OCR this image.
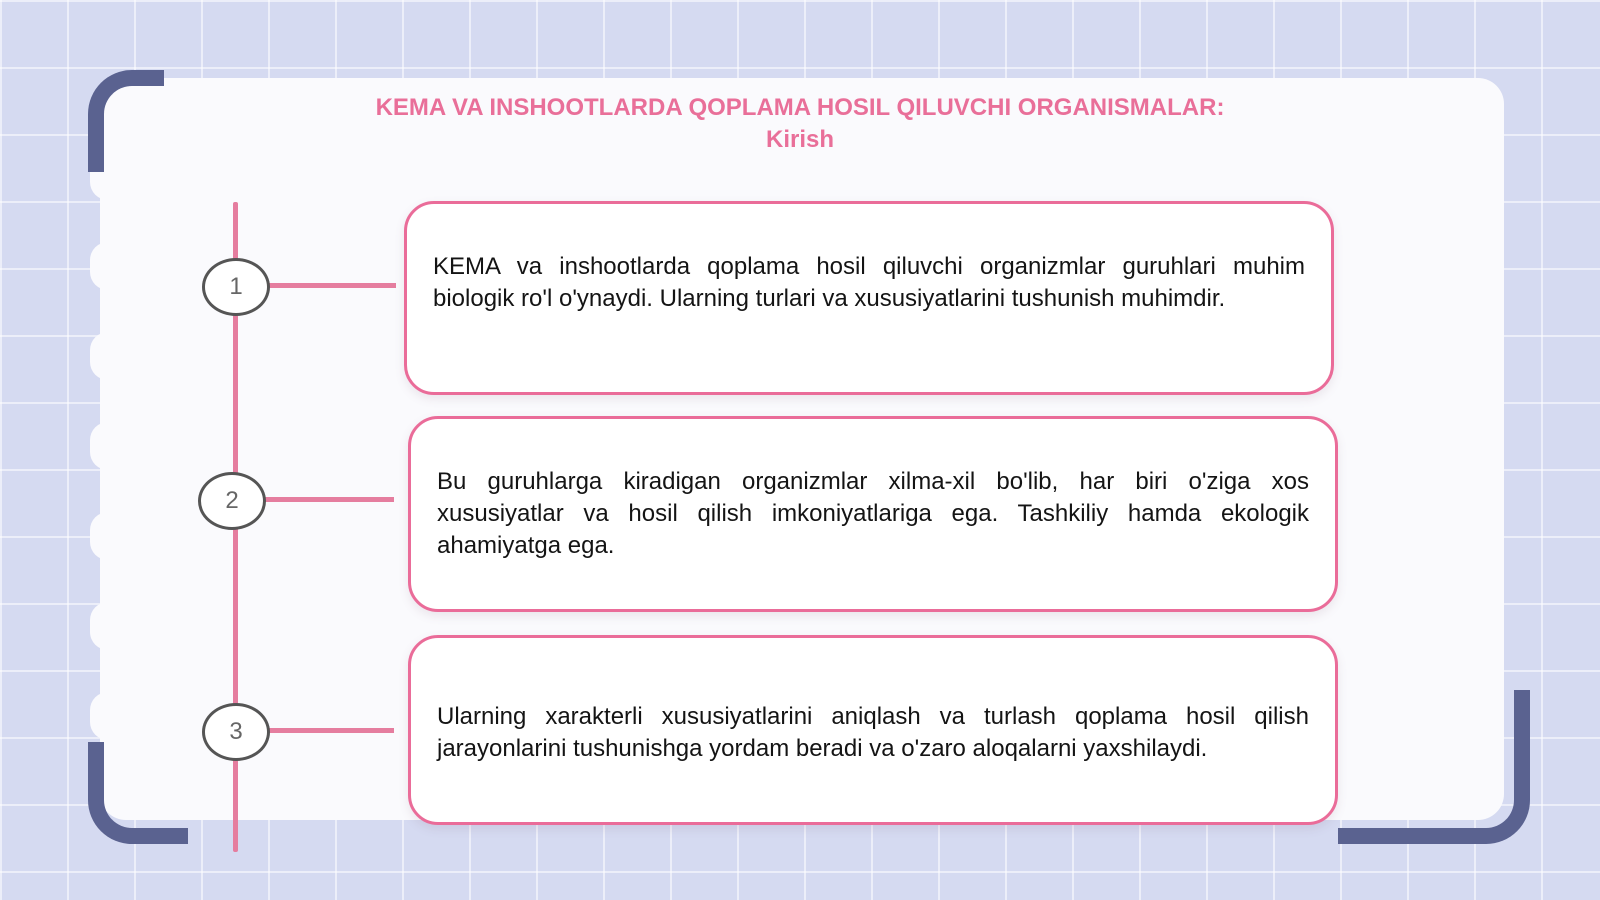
KEMA VA INSHOOTLARDA QOPLAMA HOSIL QILUVCHI ORGANISMALAR:
Kirish
1
2
3
KEMA va inshootlarda qoplama hosil qiluvchi organizmlar guruhlari muhim biologik ro'l o'ynaydi. Ularning turlari va xususiyatlarini tushunish muhimdir.
Bu guruhlarga kiradigan organizmlar xilma-xil bo'lib, har biri o'ziga xos xususiyatlar va hosil qilish imkoniyatlariga ega. Tashkiliy hamda ekologik ahamiyatga ega.
Ularning xarakterli xususiyatlarini aniqlash va turlash qoplama hosil qilish jarayonlarini tushunishga yordam beradi va o'zaro aloqalarni yaxshilaydi.
